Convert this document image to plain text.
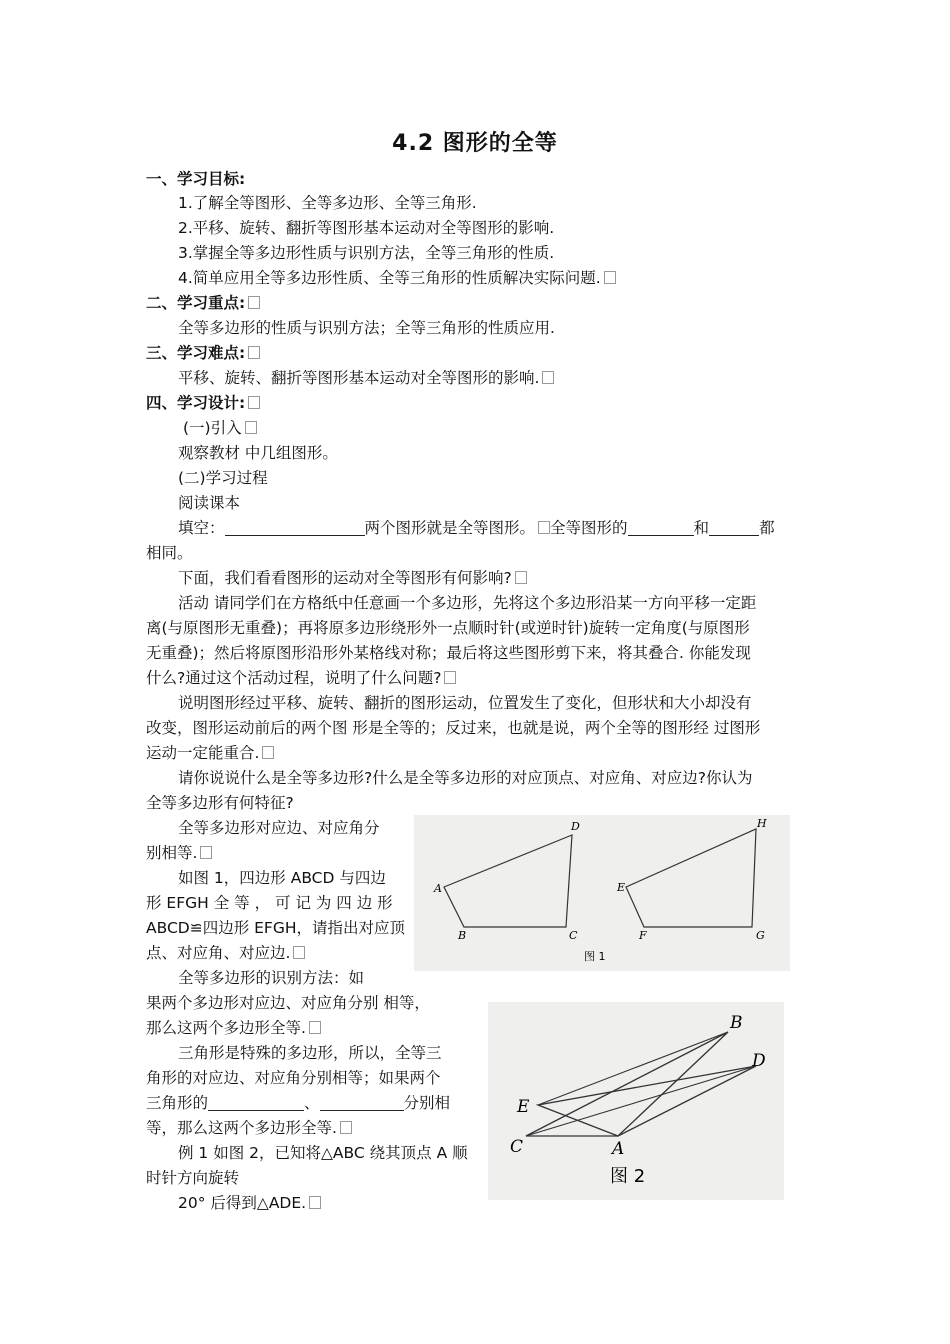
4.2 图形的全等
一、学习目标:
1.了解全等图形、全等多边形、全等三角形.
2.平移、旋转、翻折等图形基本运动对全等图形的影响.
3.掌握全等多边形性质与识别方法，全等三角形的性质.
4.简单应用全等多边形性质、全等三角形的性质解决实际问题.
二、学习重点:
全等多边形的性质与识别方法；全等三角形的性质应用.
三、学习难点:
平移、旋转、翻折等图形基本运动对全等图形的影响.
四、学习设计:
(一)引入
观察教材 中几组图形。
(二)学习过程
阅读课本
填空：	两个图形就是全等图形。 全等图形的	和	都
相同。
下面，我们看看图形的运动对全等图形有何影响?
活动 请同学们在方格纸中任意画一个多边形，先将这个多边形沿某一方向平移一定距
离(与原图形无重叠)；再将原多边形绕形外一点顺时针(或逆时针)旋转一定角度(与原图形
无重叠)；然后将原图形沿形外某格线对称；最后将这些图形剪下来，将其叠合. 你能发现
什么?通过这个活动过程，说明了什么问题?
说明图形经过平移、旋转、翻折的图形运动，位置发生了变化，但形状和大小却没有
改变，图形运动前后的两个图 形是全等的；反过来，也就是说，两个全等的图形经 过图形
运动一定能重合.
请你说说什么是全等多边形?什么是全等多边形的对应顶点、对应角、对应边?你认为
全等多边形有何特征?
全等多边形对应边、对应角分
别相等.
如图 1，四边形 ABCD 与四边
形 EFGH 全 等 ， 可 记 为 四 边 形
ABCD≌四边形 EFGH，请指出对应顶
点、对应角、对应边.
全等多边形的识别方法：如
果两个多边形对应边、对应角分别 相等，
那么这两个多边形全等.
三角形是特殊的多边形，所以，全等三
角形的对应边、对应角分别相等；如果两个
三角形的	、	分别相
等，那么这两个多边形全等.
例 1 如图 2，已知将△ABC 绕其顶点 A 顺
时针方向旋转
20° 后得到△ADE.
A
B	C
D
E
F	G
H
图 1
B
D
E
C	A
图 2
